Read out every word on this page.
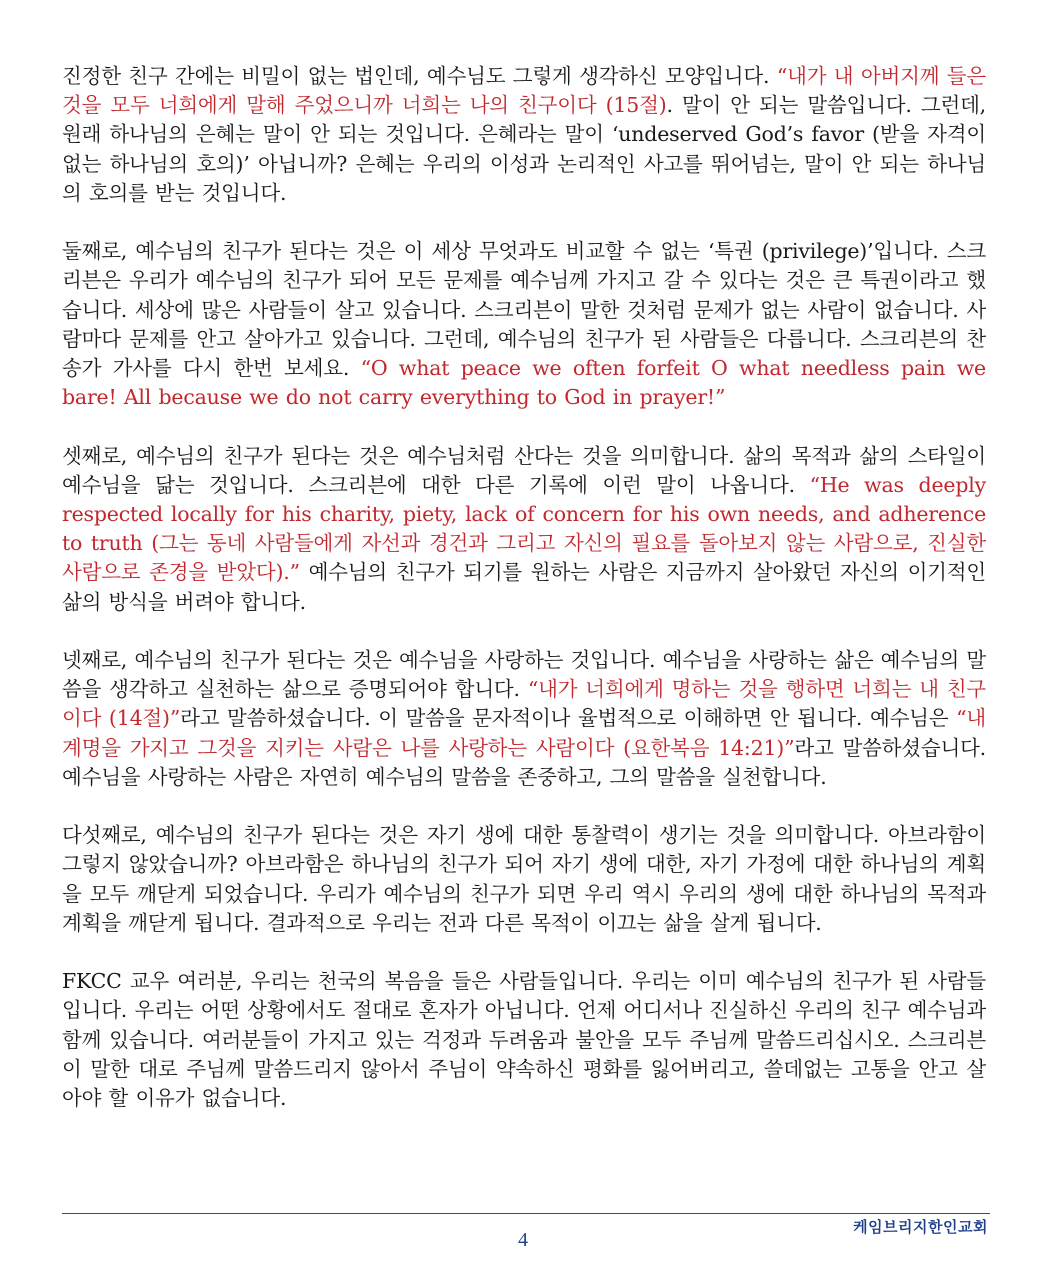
진정한 친구 간에는 비밀이 없는 법인데, 예수님도 그렇게 생각하신 모양입니다. “내가 내 아버지께 들은 것을 모두 너희에게 말해 주었으니까 너희는 나의 친구이다 (15절). 말이 안 되는 말씀입니다. 그런데, 원래 하나님의 은혜는 말이 안 되는 것입니다. 은혜라는 말이 ‘undeserved God’s favor (받을 자격이 없는 하나님의 호의)’ 아닙니까? 은혜는 우리의 이성과 논리적인 사고를 뛰어넘는, 말이 안 되는 하나님의 호의를 받는 것입니다.

둘째로, 예수님의 친구가 된다는 것은 이 세상 무엇과도 비교할 수 없는 ‘특권 (privilege)’입니다. 스크리븐은 우리가 예수님의 친구가 되어 모든 문제를 예수님께 가지고 갈 수 있다는 것은 큰 특권이라고 했습니다. 세상에 많은 사람들이 살고 있습니다. 스크리븐이 말한 것처럼 문제가 없는 사람이 없습니다. 사람마다 문제를 안고 살아가고 있습니다. 그런데, 예수님의 친구가 된 사람들은 다릅니다. 스크리븐의 찬송가 가사를 다시 한번 보세요. “O what peace we often forfeit O what needless pain we bare! All because we do not carry everything to God in prayer!”

셋째로, 예수님의 친구가 된다는 것은 예수님처럼 산다는 것을 의미합니다. 삶의 목적과 삶의 스타일이 예수님을 닮는 것입니다. 스크리븐에 대한 다른 기록에 이런 말이 나옵니다. “He was deeply respected locally for his charity, piety, lack of concern for his own needs, and adherence to truth (그는 동네 사람들에게 자선과 경건과 그리고 자신의 필요를 돌아보지 않는 사람으로, 진실한 사람으로 존경을 받았다).” 예수님의 친구가 되기를 원하는 사람은 지금까지 살아왔던 자신의 이기적인 삶의 방식을 버려야 합니다.

넷째로, 예수님의 친구가 된다는 것은 예수님을 사랑하는 것입니다. 예수님을 사랑하는 삶은 예수님의 말씀을 생각하고 실천하는 삶으로 증명되어야 합니다. “내가 너희에게 명하는 것을 행하면 너희는 내 친구이다 (14절)”라고 말씀하셨습니다. 이 말씀을 문자적이나 율법적으로 이해하면 안 됩니다. 예수님은 “내 계명을 가지고 그것을 지키는 사람은 나를 사랑하는 사람이다 (요한복음 14:21)”라고 말씀하셨습니다. 예수님을 사랑하는 사람은 자연히 예수님의 말씀을 존중하고, 그의 말씀을 실천합니다.

다섯째로, 예수님의 친구가 된다는 것은 자기 생에 대한 통찰력이 생기는 것을 의미합니다. 아브라함이 그렇지 않았습니까? 아브라함은 하나님의 친구가 되어 자기 생에 대한, 자기 가정에 대한 하나님의 계획을 모두 깨닫게 되었습니다. 우리가 예수님의 친구가 되면 우리 역시 우리의 생에 대한 하나님의 목적과 계획을 깨닫게 됩니다. 결과적으로 우리는 전과 다른 목적이 이끄는 삶을 살게 됩니다.

FKCC 교우 여러분, 우리는 천국의 복음을 들은 사람들입니다. 우리는 이미 예수님의 친구가 된 사람들입니다. 우리는 어떤 상황에서도 절대로 혼자가 아닙니다. 언제 어디서나 진실하신 우리의 친구 예수님과 함께 있습니다. 여러분들이 가지고 있는 걱정과 두려움과 불안을 모두 주님께 말씀드리십시오. 스크리븐이 말한 대로 주님께 말씀드리지 않아서 주님이 약속하신 평화를 잃어버리고, 쓸데없는 고통을 안고 살아야 할 이유가 없습니다.

케임브리지한인교회
4
